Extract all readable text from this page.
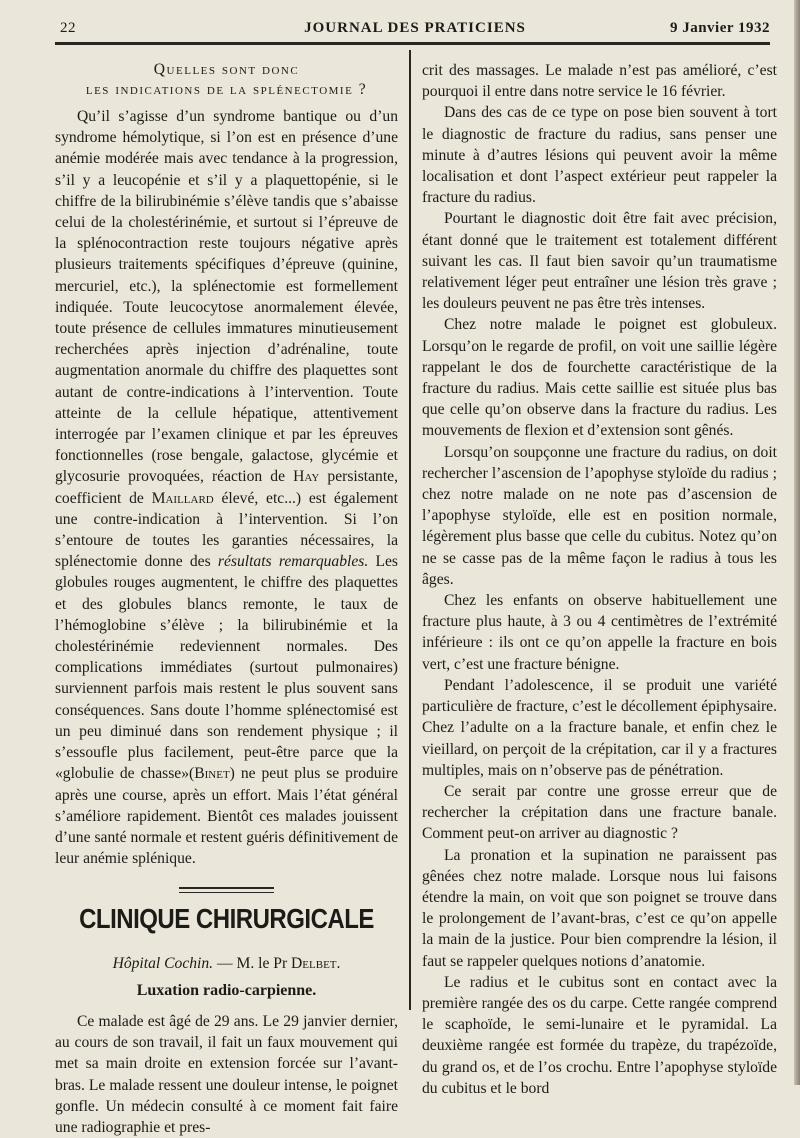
22	JOURNAL DES PRATICIENS	9 Janvier 1932
Quelles sont donc
les indications de la splénectomie ?

Qu’il s’agisse d’un syndrome bantique ou d’un syndrome hémolytique, si l’on est en présence d’une anémie modérée mais avec tendance à la progression, s’il y a leucopénie et s’il y a plaquettopénie, si le chiffre de la bilirubinémie s’élève tandis que s’abaisse celui de la cholestérinémie, et surtout si l’épreuve de la splénocontraction reste toujours négative après plusieurs traitements spécifiques d’épreuve (quinine, mercuriel, etc.), la splénectomie est formellement indiquée. Toute leucocytose anormalement élevée, toute présence de cellules immatures minutieusement recherchées après injection d’adrénaline, toute augmentation anormale du chiffre des plaquettes sont autant de contre-indications à l’intervention. Toute atteinte de la cellule hépatique, attentivement interrogée par l’examen clinique et par les épreuves fonctionnelles (rose bengale, galactose, glycémie et glycosurie provoquées, réaction de Hay persistante, coefficient de Maillard élevé, etc...) est également une contre-indication à l’intervention. Si l’on s’entoure de toutes les garanties nécessaires, la splénectomie donne des résultats remarquables. Les globules rouges augmentent, le chiffre des plaquettes et des globules blancs remonte, le taux de l’hémoglobine s’élève ; la bilirubinémie et la cholestérinémie redeviennent normales. Des complications immédiates (surtout pulmonaires) surviennent parfois mais restent le plus souvent sans conséquences. Sans doute l’homme splénectomisé est un peu diminué dans son rendement physique ; il s’essoufle plus facilement, peut-être parce que la «globulie de chasse»(Binet) ne peut plus se produire après une course, après un effort. Mais l’état général s’améliore rapidement. Bientôt ces malades jouissent d’une santé normale et restent guéris définitivement de leur anémie splénique.

CLINIQUE CHIRURGICALE
Hôpital Cochin. — M. le Pr Delbet.
Luxation radio-carpienne.

Ce malade est âgé de 29 ans. Le 29 janvier dernier, au cours de son travail, il fait un faux mouvement qui met sa main droite en extension forcée sur l’avant-bras. Le malade ressent une douleur intense, le poignet gonfle. Un médecin consulté à ce moment fait faire une radiographie et pres-

crit des massages. Le malade n’est pas amélioré, c’est pourquoi il entre dans notre service le 16 février.

Dans des cas de ce type on pose bien souvent à tort le diagnostic de fracture du radius, sans penser une minute à d’autres lésions qui peuvent avoir la même localisation et dont l’aspect extérieur peut rappeler la fracture du radius.

Pourtant le diagnostic doit être fait avec précision, étant donné que le traitement est totalement différent suivant les cas. Il faut bien savoir qu’un traumatisme relativement léger peut entraîner une lésion très grave ; les douleurs peuvent ne pas être très intenses.

Chez notre malade le poignet est globuleux. Lorsqu’on le regarde de profil, on voit une saillie légère rappelant le dos de fourchette caractéristique de la fracture du radius. Mais cette saillie est située plus bas que celle qu’on observe dans la fracture du radius. Les mouvements de flexion et d’extension sont gênés.

Lorsqu’on soupçonne une fracture du radius, on doit rechercher l’ascension de l’apophyse styloïde du radius ; chez notre malade on ne note pas d’ascension de l’apophyse styloïde, elle est en position normale, légèrement plus basse que celle du cubitus. Notez qu’on ne se casse pas de la même façon le radius à tous les âges.

Chez les enfants on observe habituellement une fracture plus haute, à 3 ou 4 centimètres de l’extrémité inférieure : ils ont ce qu’on appelle la fracture en bois vert, c’est une fracture bénigne.

Pendant l’adolescence, il se produit une variété particulière de fracture, c’est le décollement épiphysaire. Chez l’adulte on a la fracture banale, et enfin chez le vieillard, on perçoit de la crépitation, car il y a fractures multiples, mais on n’observe pas de pénétration.

Ce serait par contre une grosse erreur que de rechercher la crépitation dans une fracture banale. Comment peut-on arriver au diagnostic ?

La pronation et la supination ne paraissent pas gênées chez notre malade. Lorsque nous lui faisons étendre la main, on voit que son poignet se trouve dans le prolongement de l’avant-bras, c’est ce qu’on appelle la main de la justice. Pour bien comprendre la lésion, il faut se rappeler quelques notions d’anatomie.

Le radius et le cubitus sont en contact avec la première rangée des os du carpe. Cette rangée comprend le scaphoïde, le semi-lunaire et le pyramidal. La deuxième rangée est formée du trapèze, du trapézoïde, du grand os, et de l’os crochu. Entre l’apophyse styloïde du cubitus et le bord
